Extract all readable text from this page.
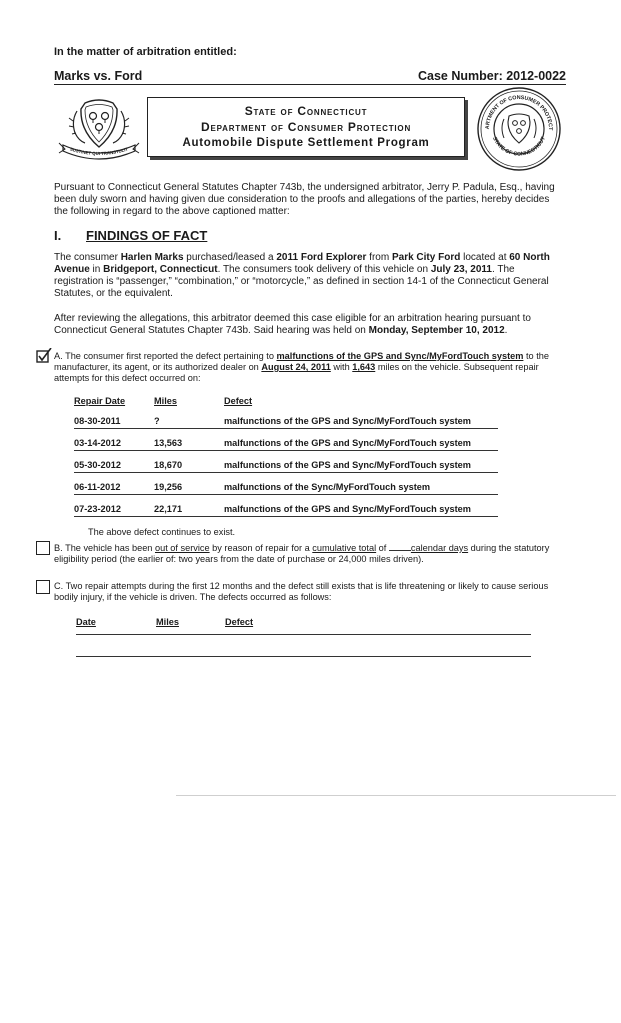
In the matter of arbitration entitled:
Marks vs. Ford	Case Number: 2012-0022
SUSTINET QUI TRANSTULIT
State of Connecticut
Department of Consumer Protection
Automobile Dispute Settlement Program
ARTMENT OF CONSUMER PROTECT
STATE OF CONNECTICUT
Pursuant to Connecticut General Statutes Chapter 743b, the undersigned arbitrator, Jerry P. Padula, Esq., having been duly sworn and having given due consideration to the proofs and allegations of the parties, hereby decides the following in regard to the above captioned matter:
I. FINDINGS OF FACT
The consumer Harlen Marks purchased/leased a 2011 Ford Explorer from Park City Ford located at 60 North Avenue in Bridgeport, Connecticut. The consumers took delivery of this vehicle on July 23, 2011. The registration is “passenger,” “combination,” or “motorcycle,” as defined in section 14-1 of the Connecticut General Statutes, or the equivalent.
After reviewing the allegations, this arbitrator deemed this case eligible for an arbitration hearing pursuant to Connecticut General Statutes Chapter 743b. Said hearing was held on Monday, September 10, 2012.
A. The consumer first reported the defect pertaining to malfunctions of the GPS and Sync/MyFordTouch system to the manufacturer, its agent, or its authorized dealer on August 24, 2011 with 1,643 miles on the vehicle. Subsequent repair attempts for this defect occurred on:
Repair Date	Miles	Defect
08-30-2011	?	malfunctions of the GPS and Sync/MyFordTouch system
03-14-2012	13,563	malfunctions of the GPS and Sync/MyFordTouch system
05-30-2012	18,670	malfunctions of the GPS and Sync/MyFordTouch system
06-11-2012	19,256	malfunctions of the Sync/MyFordTouch system
07-23-2012	22,171	malfunctions of the GPS and Sync/MyFordTouch system
The above defect continues to exist.
B. The vehicle has been out of service by reason of repair for a cumulative total of calendar days during the statutory eligibility period (the earlier of: two years from the date of purchase or 24,000 miles driven).
C. Two repair attempts during the first 12 months and the defect still exists that is life threatening or likely to cause serious bodily injury, if the vehicle is driven. The defects occurred as follows:
Date	Miles	Defect
